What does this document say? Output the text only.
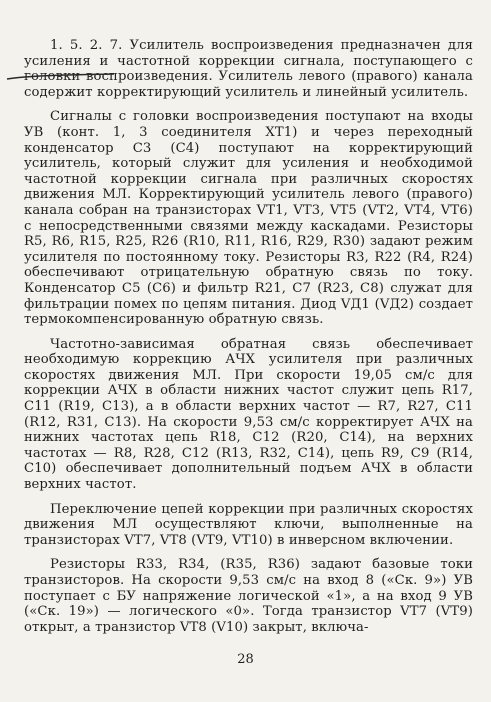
1. 5. 2. 7. Усилитель воспроизведения предназначен для усиления и частотной коррекции сигнала, поступающего с головки воспроизведения. Усилитель левого (правого) канала содержит корректирующий усилитель и линейный усилитель.

Сигналы с головки воспроизведения поступают на входы УВ (конт. 1, 3 соединителя ХТ1) и через переходный конденсатор С3 (С4) поступают на корректирующий усилитель, который служит для усиления и необходимой частотной коррекции сигнала при различных скоростях движения МЛ. Корректирующий усилитель левого (правого) канала собран на транзисторах VT1, VT3, VT5 (VT2, VT4, VT6) с непосредственными связями между каскадами. Резисторы R5, R6, R15, R25, R26 (R10, R11, R16, R29, R30) задают режим усилителя по постоянному току. Резисторы R3, R22 (R4, R24) обеспечивают отрицательную обратную связь по току. Конденсатор С5 (С6) и фильтр R21, С7 (R23, С8) служат для фильтрации помех по цепям питания. Диод VД1 (VД2) создает термокомпенсированную обратную связь.

Частотно-зависимая обратная связь обеспечивает необходимую коррекцию АЧХ усилителя при различных скоростях движения МЛ. При скорости 19,05 см/с для коррекции АЧХ в области нижних частот служит цепь R17, С11 (R19, С13), а в области верхних частот — R7, R27, С11 (R12, R31, С13). На скорости 9,53 см/с корректирует АЧХ на нижних частотах цепь R18, С12 (R20, С14), на верхних частотах — R8, R28, С12 (R13, R32, С14), цепь R9, С9 (R14, С10) обеспечивает дополнительный подъем АЧХ в области верхних частот.

Переключение цепей коррекции при различных скоростях движения МЛ осуществляют ключи, выполненные на транзисторах VT7, VT8 (VT9, VT10) в инверсном включении.

Резисторы R33, R34, (R35, R36) задают базовые токи транзисторов. На скорости 9,53 см/с на вход 8 («Ск. 9») УВ поступает с БУ напряжение логической «1», а на вход 9 УВ («Ск. 19») — логического «0». Тогда транзистор VT7 (VT9) открыт, а транзистор VT8 (V10) закрыт, включа-

28
